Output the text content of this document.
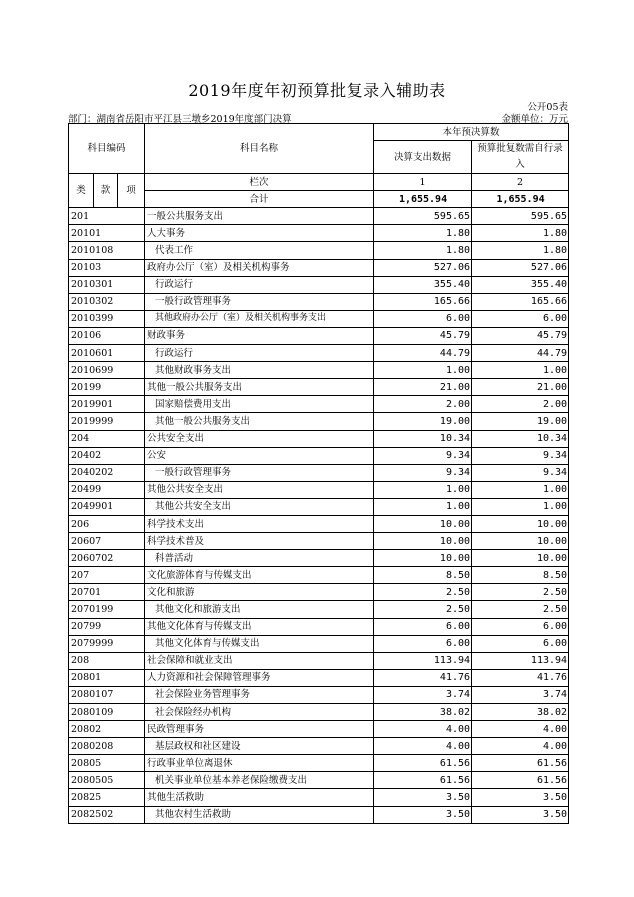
2019年度年初预算批复录入辅助表
公开05表
部门：湖南省岳阳市平江县三墩乡2019年度部门决算	金额单位：万元
科目编码			科目名称	本年预决算数	
				决算支出数据	预算批复数需自行录入

类	款	项	栏次	1	2
			合计	1,655.94	1,655.94
201			一般公共服务支出	595.65	595.65
20101			人大事务	1.80	1.80
2010108			代表工作	1.80	1.80
20103			政府办公厅（室）及相关机构事务	527.06	527.06
2010301			行政运行	355.40	355.40
2010302			一般行政管理事务	165.66	165.66
2010399			其他政府办公厅（室）及相关机构事务支出	6.00	6.00
20106			财政事务	45.79	45.79
2010601			行政运行	44.79	44.79
2010699			其他财政事务支出	1.00	1.00
20199			其他一般公共服务支出	21.00	21.00
2019901			国家赔偿费用支出	2.00	2.00
2019999			其他一般公共服务支出	19.00	19.00
204			公共安全支出	10.34	10.34
20402			公安	9.34	9.34
2040202			一般行政管理事务	9.34	9.34
20499			其他公共安全支出	1.00	1.00
2049901			其他公共安全支出	1.00	1.00
206			科学技术支出	10.00	10.00
20607			科学技术普及	10.00	10.00
2060702			科普活动	10.00	10.00
207			文化旅游体育与传媒支出	8.50	8.50
20701			文化和旅游	2.50	2.50
2070199			其他文化和旅游支出	2.50	2.50
20799			其他文化体育与传媒支出	6.00	6.00
2079999			其他文化体育与传媒支出	6.00	6.00
208			社会保障和就业支出	113.94	113.94
20801			人力资源和社会保障管理事务	41.76	41.76
2080107			社会保险业务管理事务	3.74	3.74
2080109			社会保险经办机构	38.02	38.02
20802			民政管理事务	4.00	4.00
2080208			基层政权和社区建设	4.00	4.00
20805			行政事业单位离退休	61.56	61.56
2080505			机关事业单位基本养老保险缴费支出	61.56	61.56
20825			其他生活救助	3.50	3.50
2082502			其他农村生活救助	3.50	3.50
